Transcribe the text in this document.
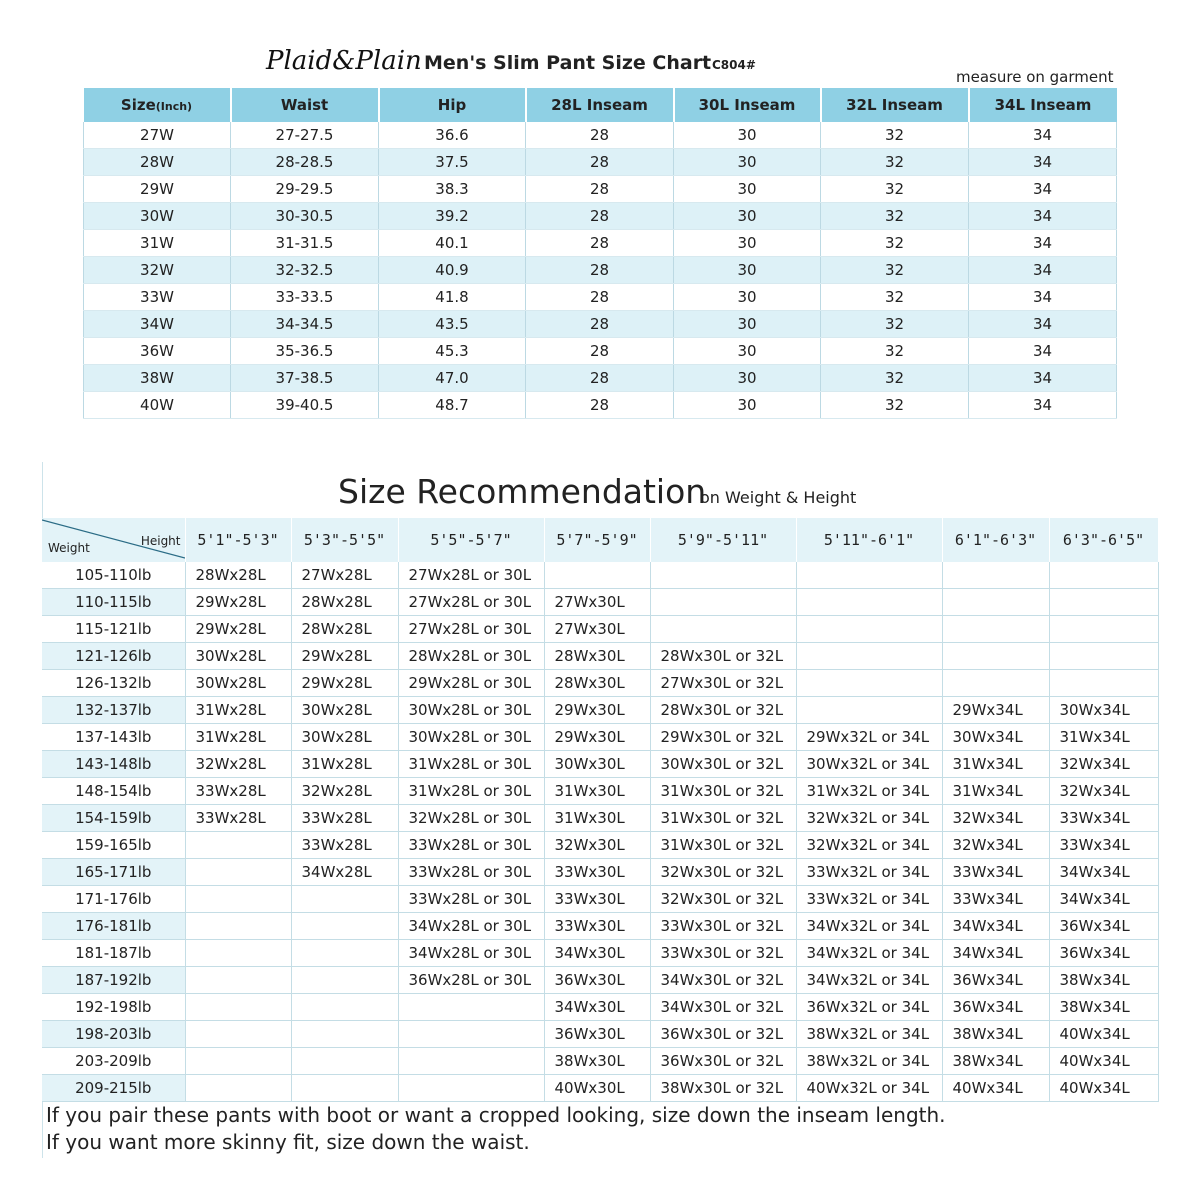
Plaid&Plain Men's Slim Pant Size Chart C804#
measure on garment
Size(Inch)	Waist	Hip	28L Inseam	30L Inseam	32L Inseam	34L Inseam
27W	27-27.5	36.6	28	30	32	34
28W	28-28.5	37.5	28	30	32	34
29W	29-29.5	38.3	28	30	32	34
30W	30-30.5	39.2	28	30	32	34
31W	31-31.5	40.1	28	30	32	34
32W	32-32.5	40.9	28	30	32	34
33W	33-33.5	41.8	28	30	32	34
34W	34-34.5	43.5	28	30	32	34
36W	35-36.5	45.3	28	30	32	34
38W	37-38.5	47.0	28	30	32	34
40W	39-40.5	48.7	28	30	32	34
Size Recommendation
on Weight & Height
Height
Weight	5'1"-5'3"	5'3"-5'5"	5'5"-5'7"	5'7"-5'9"	5'9"-5'11"	5'11"-6'1"	6'1"-6'3"	6'3"-6'5"
105-110lb	28Wx28L	27Wx28L	27Wx28L or 30L					
110-115lb	29Wx28L	28Wx28L	27Wx28L or 30L	27Wx30L				
115-121lb	29Wx28L	28Wx28L	27Wx28L or 30L	27Wx30L				
121-126lb	30Wx28L	29Wx28L	28Wx28L or 30L	28Wx30L	28Wx30L or 32L			
126-132lb	30Wx28L	29Wx28L	29Wx28L or 30L	28Wx30L	27Wx30L or 32L			
132-137lb	31Wx28L	30Wx28L	30Wx28L or 30L	29Wx30L	28Wx30L or 32L		29Wx34L	30Wx34L
137-143lb	31Wx28L	30Wx28L	30Wx28L or 30L	29Wx30L	29Wx30L or 32L	29Wx32L or 34L	30Wx34L	31Wx34L
143-148lb	32Wx28L	31Wx28L	31Wx28L or 30L	30Wx30L	30Wx30L or 32L	30Wx32L or 34L	31Wx34L	32Wx34L
148-154lb	33Wx28L	32Wx28L	31Wx28L or 30L	31Wx30L	31Wx30L or 32L	31Wx32L or 34L	31Wx34L	32Wx34L
154-159lb	33Wx28L	33Wx28L	32Wx28L or 30L	31Wx30L	31Wx30L or 32L	32Wx32L or 34L	32Wx34L	33Wx34L
159-165lb		33Wx28L	33Wx28L or 30L	32Wx30L	31Wx30L or 32L	32Wx32L or 34L	32Wx34L	33Wx34L
165-171lb		34Wx28L	33Wx28L or 30L	33Wx30L	32Wx30L or 32L	33Wx32L or 34L	33Wx34L	34Wx34L
171-176lb			33Wx28L or 30L	33Wx30L	32Wx30L or 32L	33Wx32L or 34L	33Wx34L	34Wx34L
176-181lb			34Wx28L or 30L	33Wx30L	33Wx30L or 32L	34Wx32L or 34L	34Wx34L	36Wx34L
181-187lb			34Wx28L or 30L	34Wx30L	33Wx30L or 32L	34Wx32L or 34L	34Wx34L	36Wx34L
187-192lb			36Wx28L or 30L	36Wx30L	34Wx30L or 32L	34Wx32L or 34L	36Wx34L	38Wx34L
192-198lb				34Wx30L	34Wx30L or 32L	36Wx32L or 34L	36Wx34L	38Wx34L
198-203lb				36Wx30L	36Wx30L or 32L	38Wx32L or 34L	38Wx34L	40Wx34L
203-209lb				38Wx30L	36Wx30L or 32L	38Wx32L or 34L	38Wx34L	40Wx34L
209-215lb				40Wx30L	38Wx30L or 32L	40Wx32L or 34L	40Wx34L	40Wx34L
If you pair these pants with boot or want a cropped looking, size down the inseam length.
If you want more skinny fit, size down the waist.
